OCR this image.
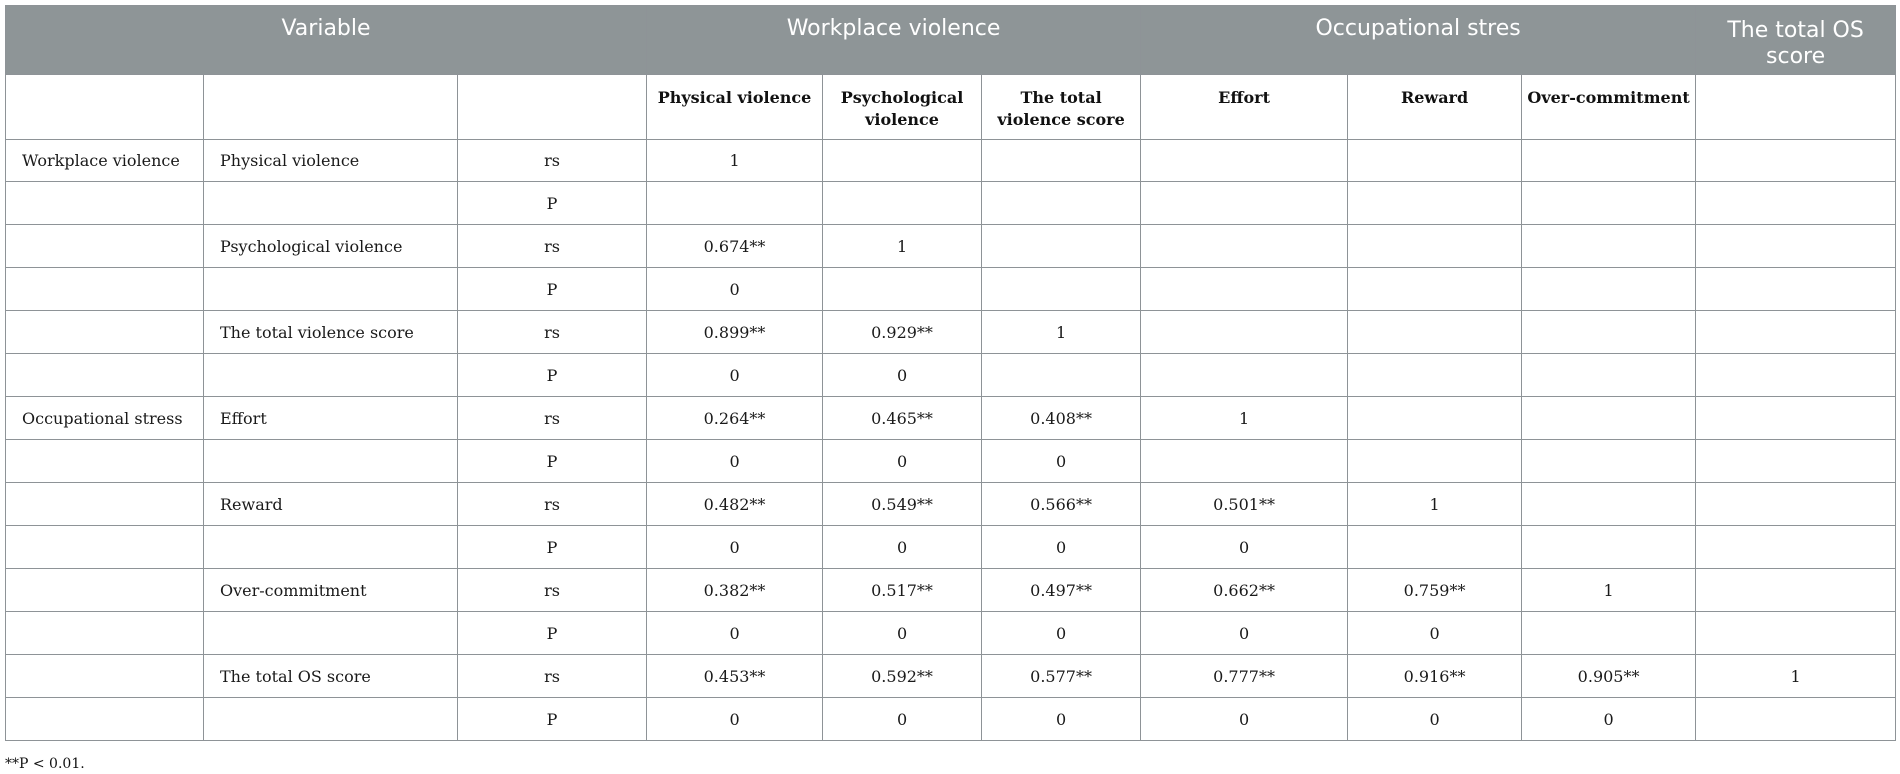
Variable			Workplace violence			Occupational stres			The total OS score
			Physical violence	Psychological violence	The total violence score	Effort	Reward	Over-commitment	
Workplace violence	Physical violence	rs	1						
		P							
	Psychological violence	rs	0.674**	1					
		P	0						
	The total violence score	rs	0.899**	0.929**	1				
		P	0	0					
Occupational stress	Effort	rs	0.264**	0.465**	0.408**	1			
		P	0	0	0				
	Reward	rs	0.482**	0.549**	0.566**	0.501**	1		
		P	0	0	0	0			
	Over-commitment	rs	0.382**	0.517**	0.497**	0.662**	0.759**	1	
		P	0	0	0	0	0		
	The total OS score	rs	0.453**	0.592**	0.577**	0.777**	0.916**	0.905**	1
		P	0	0	0	0	0	0	
**P < 0.01.
